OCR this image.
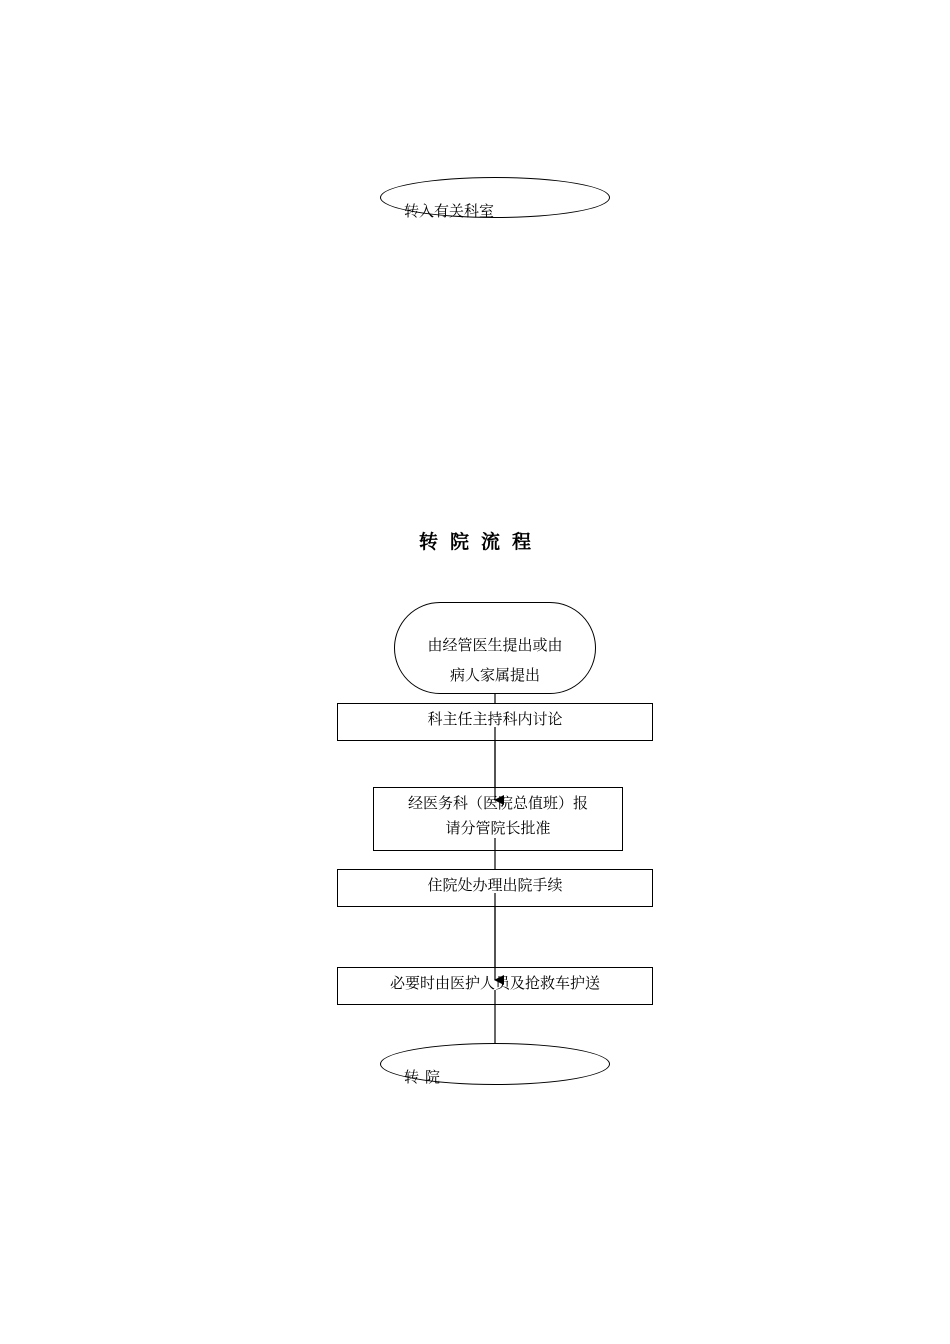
转入有关科室
转院流程
由经管医生提出或由
病人家属提出
科主任主持科内讨论
经医务科（医院总值班）报
请分管院长批准
住院处办理出院手续
必要时由医护人员及抢救车护送
转院
